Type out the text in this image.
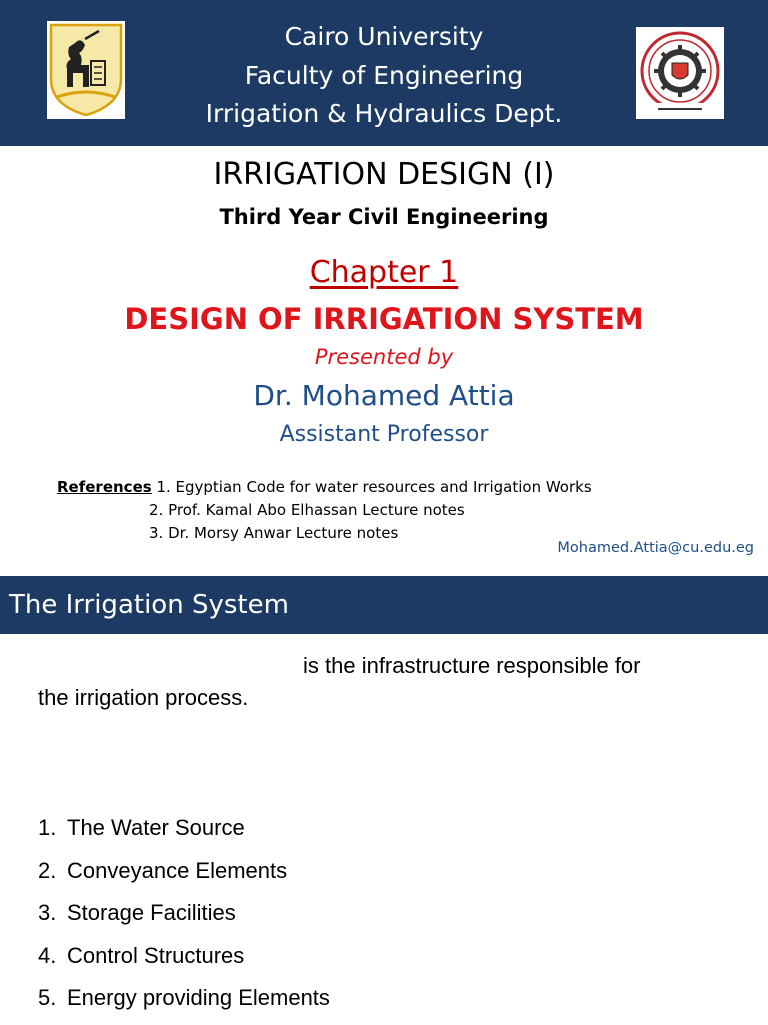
Cairo University
Faculty of Engineering
Irrigation & Hydraulics Dept.
IRRIGATION DESIGN (I)
Third Year Civil Engineering
Chapter 1
DESIGN OF IRRIGATION SYSTEM
Presented by
Dr. Mohamed Attia
Assistant Professor
References 1. Egyptian Code for water resources and Irrigation Works
2. Prof. Kamal Abo Elhassan Lecture notes
3. Dr. Morsy Anwar Lecture notes
Mohamed.Attia@cu.edu.eg
The Irrigation System
is the infrastructure responsible for
the irrigation process.
1. The Water Source
2. Conveyance Elements
3. Storage Facilities
4. Control Structures
5. Energy providing Elements
